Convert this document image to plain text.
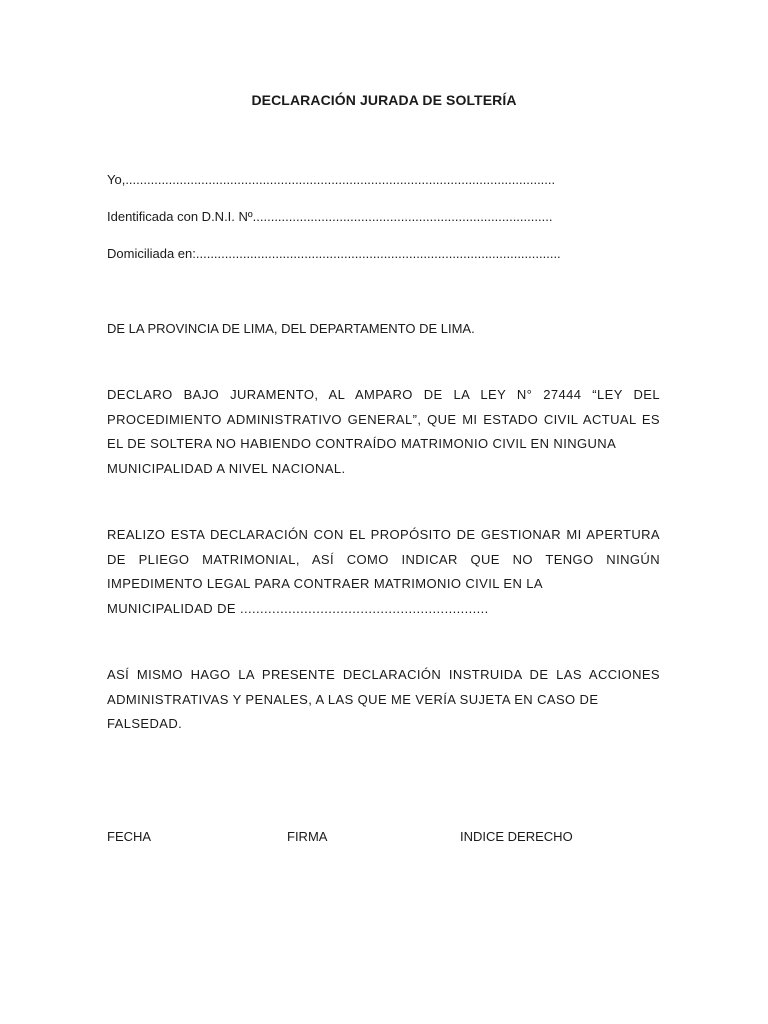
DECLARACIÓN JURADA DE SOLTERÍA
Yo,.......................................................................................................................
Identificada con D.N.I. Nº...................................................................................
Domiciliada en:.....................................................................................................
DE LA PROVINCIA DE LIMA, DEL DEPARTAMENTO DE LIMA.
DECLARO BAJO JURAMENTO, AL AMPARO DE LA LEY N° 27444 “LEY DEL PROCEDIMIENTO ADMINISTRATIVO GENERAL”, QUE MI ESTADO CIVIL ACTUAL ES EL DE SOLTERA NO HABIENDO CONTRAÍDO MATRIMONIO CIVIL EN NINGUNA
MUNICIPALIDAD A NIVEL NACIONAL.
REALIZO ESTA DECLARACIÓN CON EL PROPÓSITO DE GESTIONAR MI APERTURA DE PLIEGO MATRIMONIAL, ASÍ COMO INDICAR QUE NO TENGO NINGÚN IMPEDIMENTO LEGAL PARA CONTRAER MATRIMONIO CIVIL EN LA
MUNICIPALIDAD DE ..............................................................
ASÍ MISMO HAGO LA PRESENTE DECLARACIÓN INSTRUIDA DE LAS ACCIONES ADMINISTRATIVAS Y PENALES, A LAS QUE ME VERÍA SUJETA EN CASO DE
FALSEDAD.
FECHA	FIRMA	INDICE DERECHO
